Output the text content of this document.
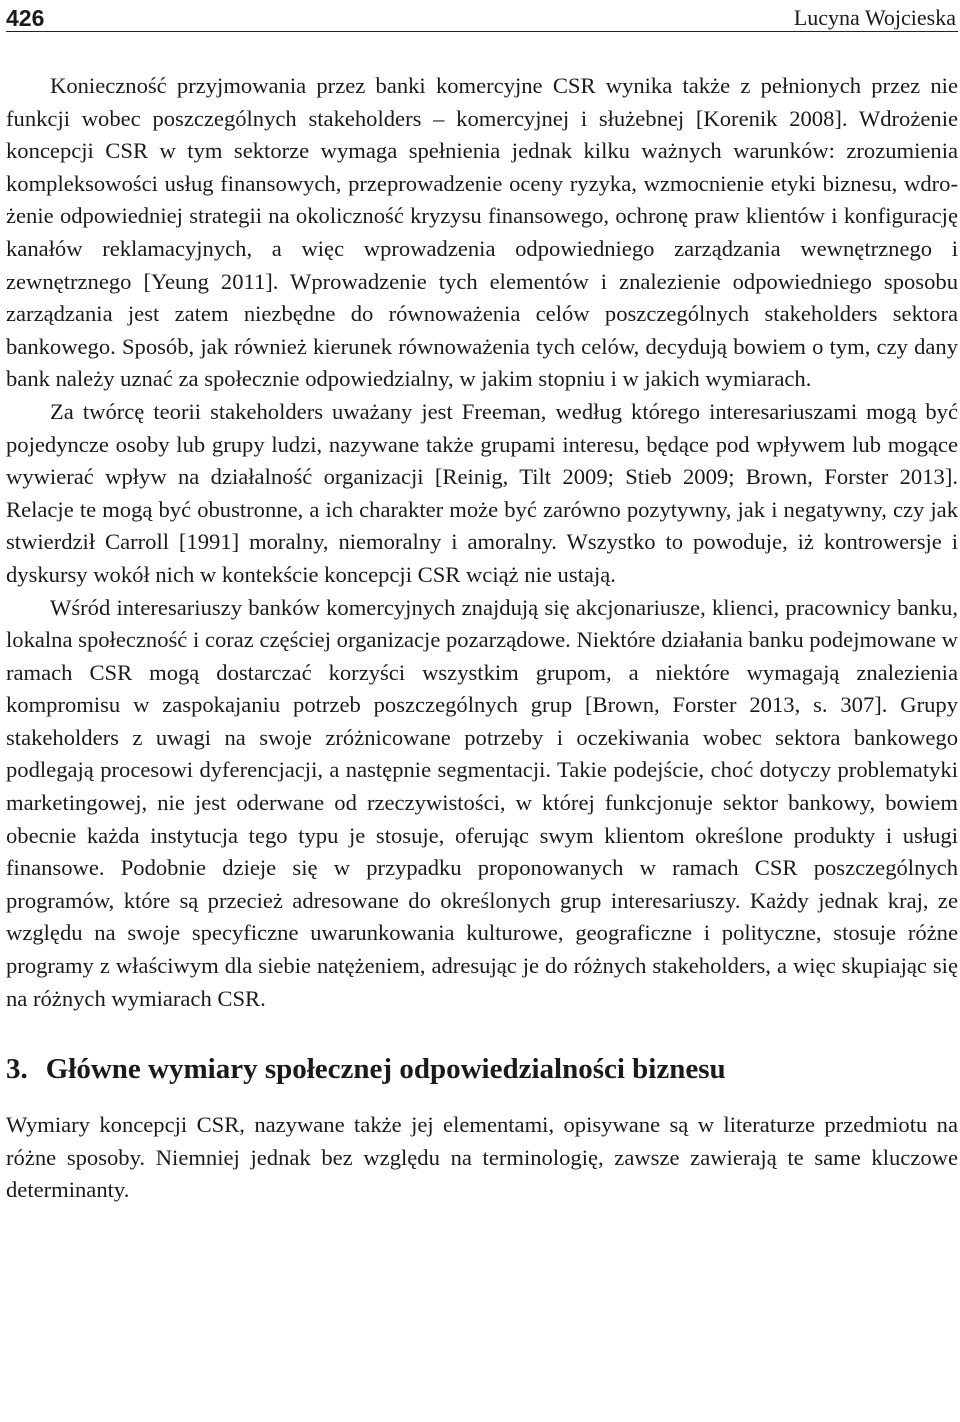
426	Lucyna Wojcieska

Konieczność przyjmowania przez banki komercyjne CSR wynika także z pełnionych przez nie funkcji wobec poszczególnych stakeholders – komercyjnej i służebnej [Korenik 2008]. Wdrożenie koncepcji CSR w tym sektorze wymaga spełnienia jednak kilku ważnych warunków: zrozumienia kompleksowości usług finansowych, przeprowadzenie oceny ryzyka, wzmocnienie etyki biznesu, wdrożenie odpowiedniej strategii na okoliczność kryzysu finansowego, ochronę praw klientów i konfigurację kanałów reklamacyjnych, a więc wprowadzenia odpowiedniego zarządzania wewnętrznego i zewnętrznego [Yeung 2011]. Wprowadzenie tych elementów i znalezienie odpowiedniego sposobu zarządzania jest zatem niezbędne do równoważenia celów poszczególnych stakeholders sektora bankowego. Sposób, jak również kierunek równoważenia tych celów, decydują bowiem o tym, czy dany bank należy uznać za społecznie odpowiedzialny, w jakim stopniu i w jakich wymiarach.

Za twórcę teorii stakeholders uważany jest Freeman, według którego interesariuszami mogą być pojedyncze osoby lub grupy ludzi, nazywane także grupami interesu, będące pod wpływem lub mogące wywierać wpływ na działalność organizacji [Reinig, Tilt 2009; Stieb 2009; Brown, Forster 2013]. Relacje te mogą być obustronne, a ich charakter może być zarówno pozytywny, jak i negatywny, czy jak stwierdził Carroll [1991] moralny, niemoralny i amoralny. Wszystko to powoduje, iż kontrowersje i dyskursy wokół nich w kontekście koncepcji CSR wciąż nie ustają.

Wśród interesariuszy banków komercyjnych znajdują się akcjonariusze, klienci, pracownicy banku, lokalna społeczność i coraz częściej organizacje pozarządowe. Niektóre działania banku podejmowane w ramach CSR mogą dostarczać korzyści wszystkim grupom, a niektóre wymagają znalezienia kompromisu w zaspokajaniu potrzeb poszczególnych grup [Brown, Forster 2013, s. 307]. Grupy stakeholders z uwagi na swoje zróżnicowane potrzeby i oczekiwania wobec sektora bankowego podlegają procesowi dyferencjacji, a następnie segmentacji. Takie podejście, choć dotyczy problematyki marketingowej, nie jest oderwane od rzeczywistości, w której funkcjonuje sektor bankowy, bowiem obecnie każda instytucja tego typu je stosuje, oferując swym klientom określone produkty i usługi finansowe. Podobnie dzieje się w przypadku proponowanych w ramach CSR poszczególnych programów, które są przecież adresowane do określonych grup interesariuszy. Każdy jednak kraj, ze względu na swoje specyficzne uwarunkowania kulturowe, geograficzne i polityczne, stosuje różne programy z właściwym dla siebie natężeniem, adresując je do różnych stakeholders, a więc skupiając się na różnych wymiarach CSR.

3. Główne wymiary społecznej odpowiedzialności biznesu

Wymiary koncepcji CSR, nazywane także jej elementami, opisywane są w literaturze przedmiotu na różne sposoby. Niemniej jednak bez względu na terminologię, zawsze zawierają te same kluczowe determinanty.
